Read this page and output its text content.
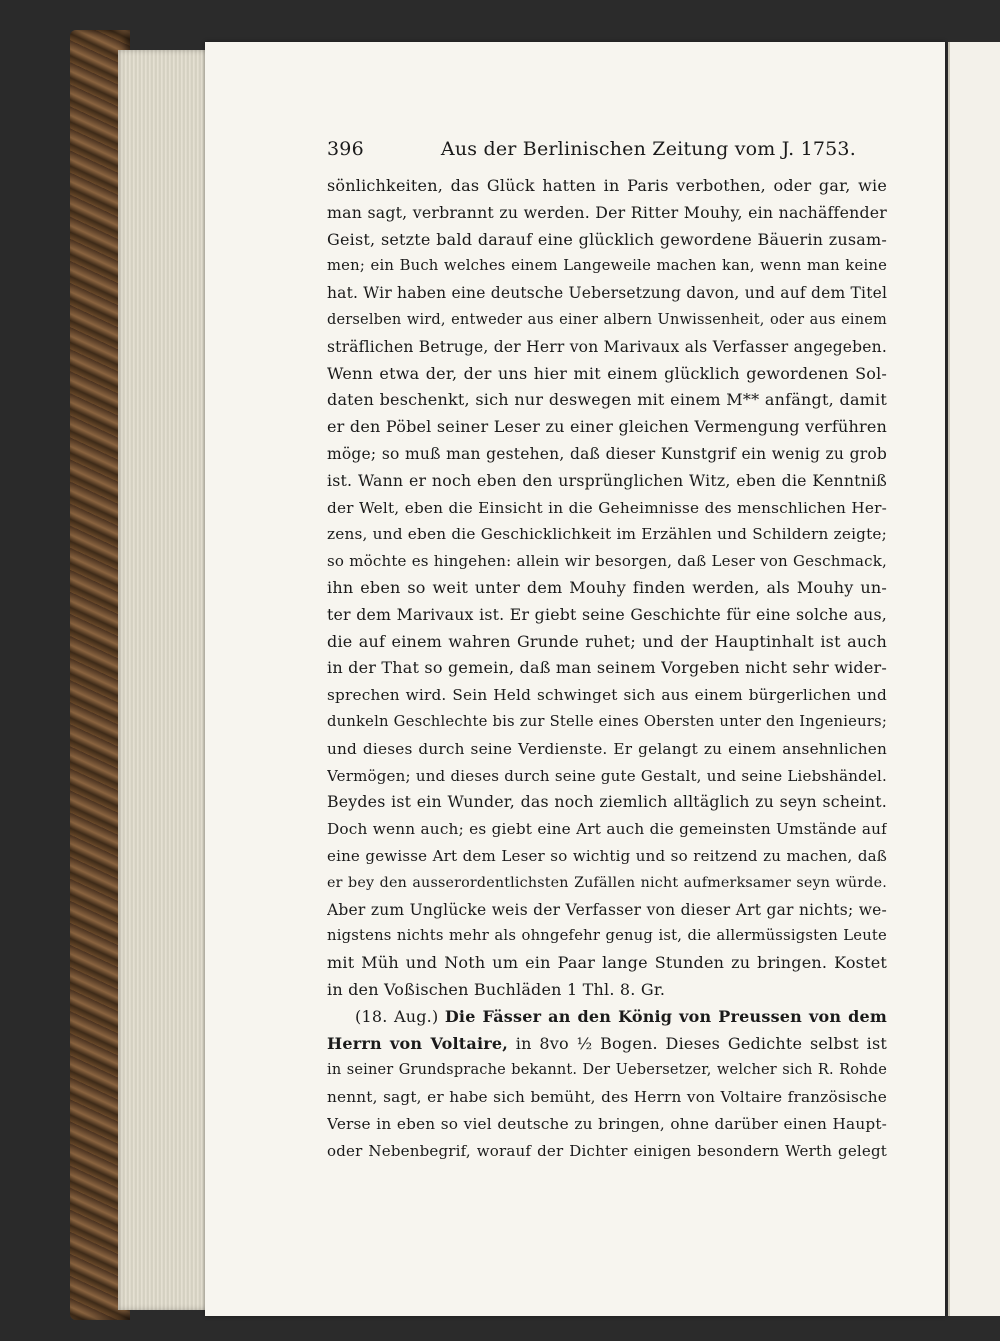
396	Aus der Berlinischen Zeitung vom J. 1753.
sönlichkeiten, das Glück hatten in Paris verbothen, oder gar, wie
man sagt, verbrannt zu werden. Der Ritter Mouhy, ein nachäffender
Geist, setzte bald darauf eine glücklich gewordene Bäuerin zusam-
men; ein Buch welches einem Langeweile machen kan, wenn man keine
hat. Wir haben eine deutsche Uebersetzung davon, und auf dem Titel
derselben wird, entweder aus einer albern Unwissenheit, oder aus einem
sträflichen Betruge, der Herr von Marivaux als Verfasser angegeben.
Wenn etwa der, der uns hier mit einem glücklich gewordenen Sol-
daten beschenkt, sich nur deswegen mit einem M** anfängt, damit
er den Pöbel seiner Leser zu einer gleichen Vermengung verführen
möge; so muß man gestehen, daß dieser Kunstgrif ein wenig zu grob
ist. Wann er noch eben den ursprünglichen Witz, eben die Kenntniß
der Welt, eben die Einsicht in die Geheimnisse des menschlichen Her-
zens, und eben die Geschicklichkeit im Erzählen und Schildern zeigte;
so möchte es hingehen: allein wir besorgen, daß Leser von Geschmack,
ihn eben so weit unter dem Mouhy finden werden, als Mouhy un-
ter dem Marivaux ist. Er giebt seine Geschichte für eine solche aus,
die auf einem wahren Grunde ruhet; und der Hauptinhalt ist auch
in der That so gemein, daß man seinem Vorgeben nicht sehr wider-
sprechen wird. Sein Held schwinget sich aus einem bürgerlichen und
dunkeln Geschlechte bis zur Stelle eines Obersten unter den Ingenieurs;
und dieses durch seine Verdienste. Er gelangt zu einem ansehnlichen
Vermögen; und dieses durch seine gute Gestalt, und seine Liebshändel.
Beydes ist ein Wunder, das noch ziemlich alltäglich zu seyn scheint.
Doch wenn auch; es giebt eine Art auch die gemeinsten Umstände auf
eine gewisse Art dem Leser so wichtig und so reitzend zu machen, daß
er bey den ausserordentlichsten Zufällen nicht aufmerksamer seyn würde.
Aber zum Unglücke weis der Verfasser von dieser Art gar nichts; we-
nigstens nichts mehr als ohngefehr genug ist, die allermüssigsten Leute
mit Müh und Noth um ein Paar lange Stunden zu bringen. Kostet
in den Voßischen Buchläden 1 Thl. 8. Gr.
(18. Aug.) Die Fässer an den König von Preussen von dem
Herrn von Voltaire, in 8vo ½ Bogen. Dieses Gedichte selbst ist
in seiner Grundsprache bekannt. Der Uebersetzer, welcher sich R. Rohde
nennt, sagt, er habe sich bemüht, des Herrn von Voltaire französische
Verse in eben so viel deutsche zu bringen, ohne darüber einen Haupt-
oder Nebenbegrif, worauf der Dichter einigen besondern Werth gelegt
